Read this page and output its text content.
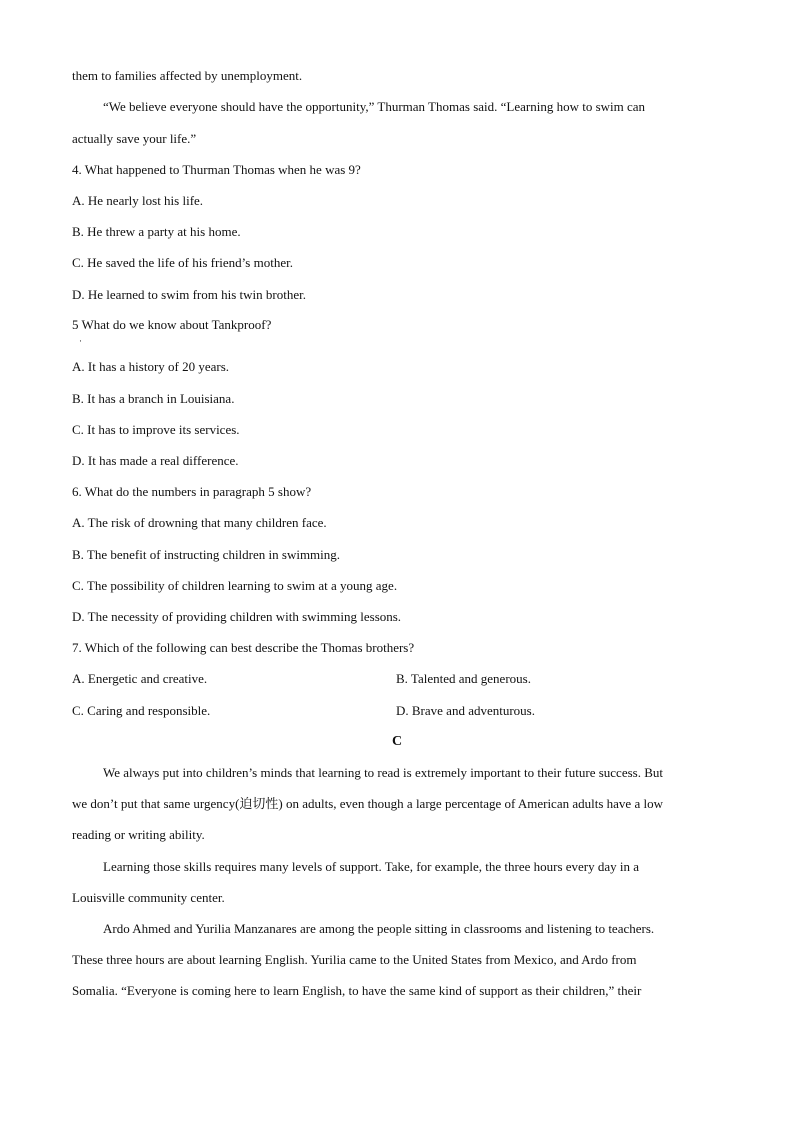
them to families affected by unemployment.
“We believe everyone should have the opportunity,” Thurman Thomas said. “Learning how to swim can
actually save your life.”
4. What happened to Thurman Thomas when he was 9?
A. He nearly lost his life.
B. He threw a party at his home.
C. He saved the life of his friend’s mother.
D. He learned to swim from his twin brother.
5 What do we know about Tankproof?
·
A. It has a history of 20 years.
B. It has a branch in Louisiana.
C. It has to improve its services.
D. It has made a real difference.
6. What do the numbers in paragraph 5 show?
A. The risk of drowning that many children face.
B. The benefit of instructing children in swimming.
C. The possibility of children learning to swim at a young age.
D. The necessity of providing children with swimming lessons.
7. Which of the following can best describe the Thomas brothers?
A. Energetic and creative.	B. Talented and generous.
C. Caring and responsible.	D. Brave and adventurous.
C
We always put into children’s minds that learning to read is extremely important to their future success. But
we don’t put that same urgency(迫切性) on adults, even though a large percentage of American adults have a low
reading or writing ability.
Learning those skills requires many levels of support. Take, for example, the three hours every day in a
Louisville community center.
Ardo Ahmed and Yurilia Manzanares are among the people sitting in classrooms and listening to teachers.
These three hours are about learning English. Yurilia came to the United States from Mexico, and Ardo from
Somalia. “Everyone is coming here to learn English, to have the same kind of support as their children,” their
